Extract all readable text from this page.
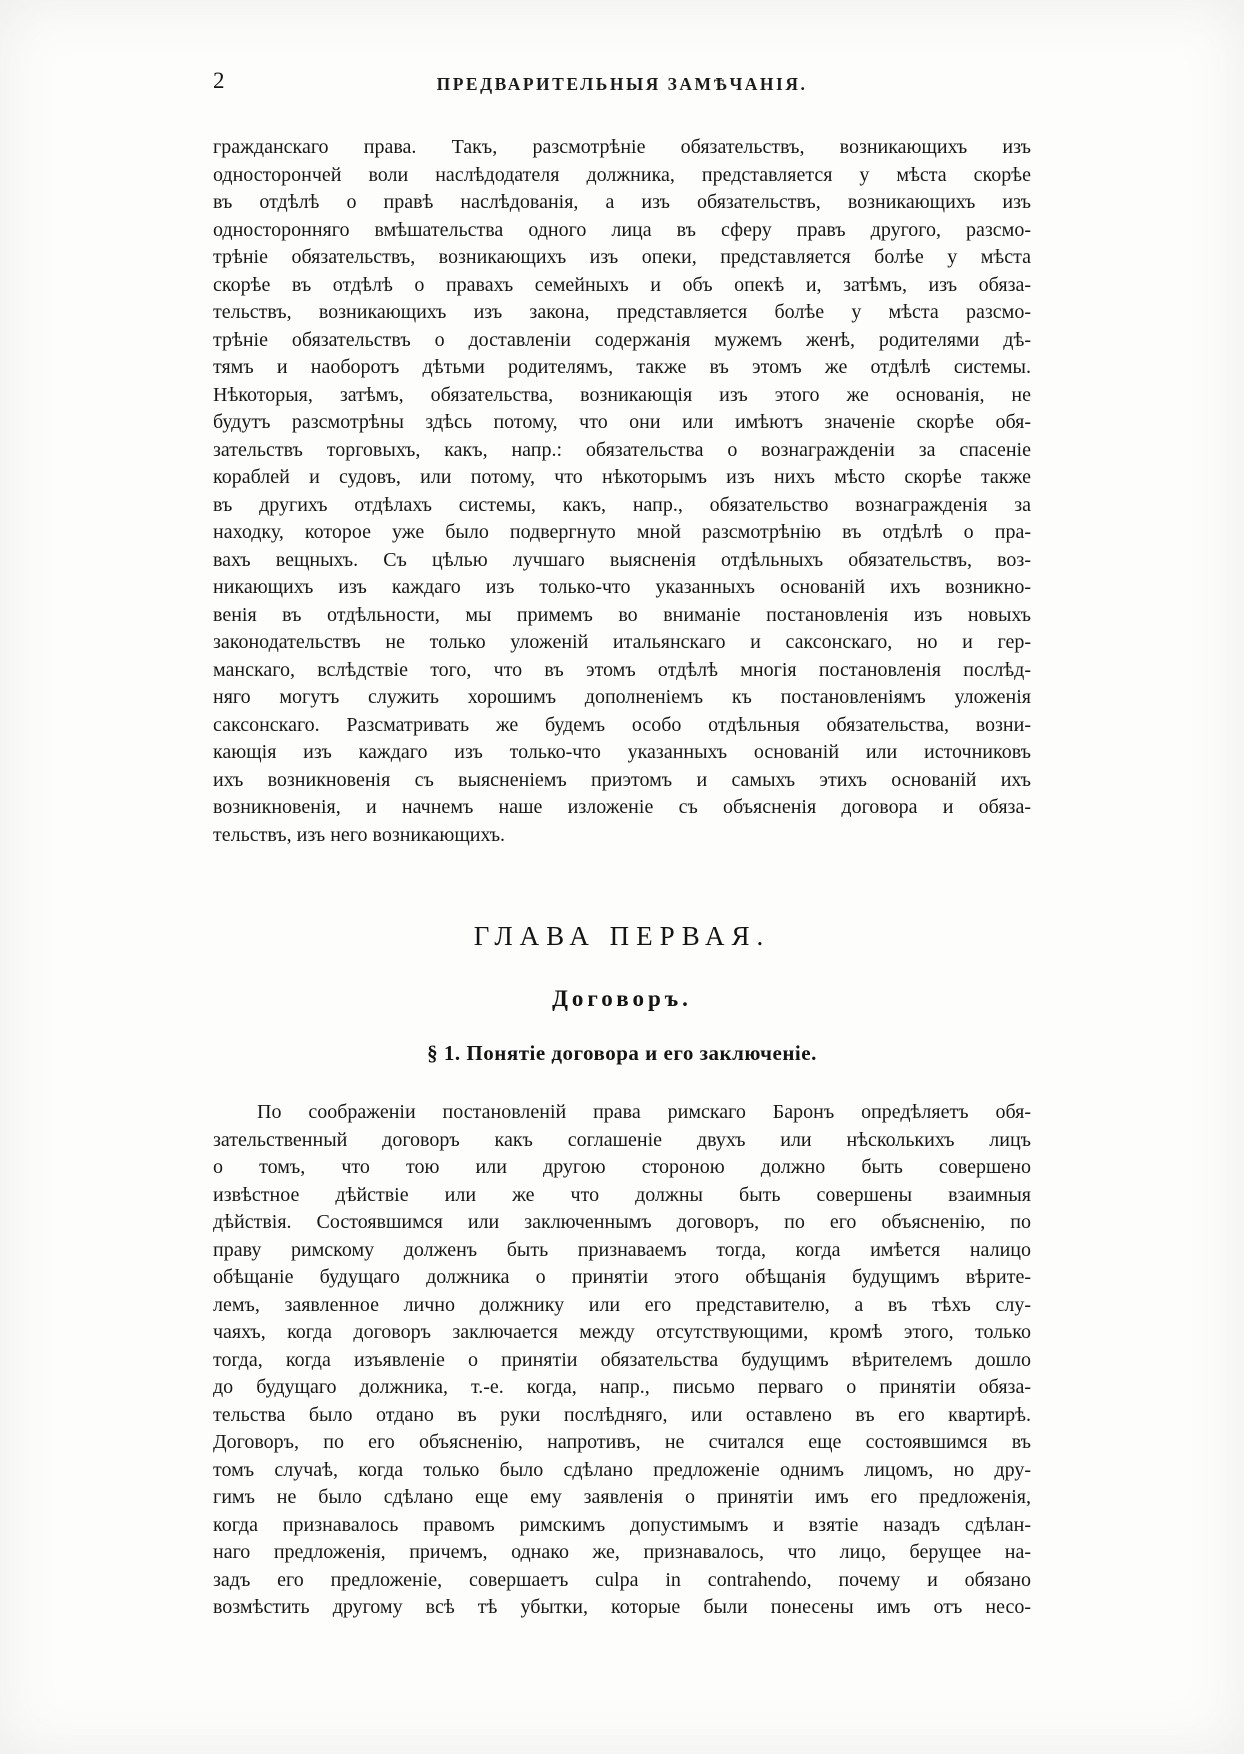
2	ПРЕДВАРИТЕЛЬНЫЯ ЗАМѢЧАНІЯ.
гражданскаго права. Такъ, разсмотрѣніе обязательствъ, возникающихъ изъ
односторончей воли наслѣдодателя должника, представляется у мѣста скорѣе
въ отдѣлѣ о правѣ наслѣдованія, а изъ обязательствъ, возникающихъ изъ
односторонняго вмѣшательства одного лица въ сферу правъ другого, разсмо-
трѣніе обязательствъ, возникающихъ изъ опеки, представляется болѣе у мѣста
скорѣе въ отдѣлѣ о правахъ семейныхъ и объ опекѣ и, затѣмъ, изъ обяза-
тельствъ, возникающихъ изъ закона, представляется болѣе у мѣста разсмо-
трѣніе обязательствъ о доставленіи содержанія мужемъ женѣ, родителями дѣ-
тямъ и наоборотъ дѣтьми родителямъ, также въ этомъ же отдѣлѣ системы.
Нѣкоторыя, затѣмъ, обязательства, возникающія изъ этого же основанія, не
будутъ разсмотрѣны здѣсь потому, что они или имѣютъ значеніе скорѣе обя-
зательствъ торговыхъ, какъ, напр.: обязательства о вознагражденіи за спасеніе
кораблей и судовъ, или потому, что нѣкоторымъ изъ нихъ мѣсто скорѣе также
въ другихъ отдѣлахъ системы, какъ, напр., обязательство вознагражденія за
находку, которое уже было подвергнуто мной разсмотрѣнію въ отдѣлѣ о пра-
вахъ вещныхъ. Съ цѣлью лучшаго выясненія отдѣльныхъ обязательствъ, воз-
никающихъ изъ каждаго изъ только-что указанныхъ основаній ихъ возникно-
венія въ отдѣльности, мы примемъ во вниманіе постановленія изъ новыхъ
законодательствъ не только уложеній итальянскаго и саксонскаго, но и гер-
манскаго, вслѣдствіе того, что въ этомъ отдѣлѣ многія постановленія послѣд-
няго могутъ служить хорошимъ дополненіемъ къ постановленіямъ уложенія
саксонскаго. Разсматривать же будемъ особо отдѣльныя обязательства, возни-
кающія изъ каждаго изъ только-что указанныхъ основаній или источниковъ
ихъ возникновенія съ выясненіемъ приэтомъ и самыхъ этихъ основаній ихъ
возникновенія, и начнемъ наше изложеніе съ объясненія договора и обяза-
тельствъ, изъ него возникающихъ.
ГЛАВА ПЕРВАЯ.
Договоръ.
§ 1. Понятіе договора и его заключеніе.
По соображеніи постановленій права римскаго Баронъ опредѣляетъ обя-
зательственный договоръ какъ соглашеніе двухъ или нѣсколькихъ лицъ
о томъ, что тою или другою стороною должно быть совершено
извѣстное дѣйствіе или же что должны быть совершены взаимныя
дѣйствія. Состоявшимся или заключеннымъ договоръ, по его объясненію, по
праву римскому долженъ быть признаваемъ тогда, когда имѣется налицо
обѣщаніе будущаго должника о принятіи этого обѣщанія будущимъ вѣрите-
лемъ, заявленное лично должнику или его представителю, а въ тѣхъ слу-
чаяхъ, когда договоръ заключается между отсутствующими, кромѣ этого, только
тогда, когда изъявленіе о принятіи обязательства будущимъ вѣрителемъ дошло
до будущаго должника, т.-е. когда, напр., письмо перваго о принятіи обяза-
тельства было отдано въ руки послѣдняго, или оставлено въ его квартирѣ.
Договоръ, по его объясненію, напротивъ, не считался еще состоявшимся въ
томъ случаѣ, когда только было сдѣлано предложеніе однимъ лицомъ, но дру-
гимъ не было сдѣлано еще ему заявленія о принятіи имъ его предложенія,
когда признавалось правомъ римскимъ допустимымъ и взятіе назадъ сдѣлан-
наго предложенія, причемъ, однако же, признавалось, что лицо, берущее на-
задъ его предложеніе, совершаетъ culpa in contrahendo, почему и обязано
возмѣстить другому всѣ тѣ убытки, которые были понесены имъ отъ несо-
